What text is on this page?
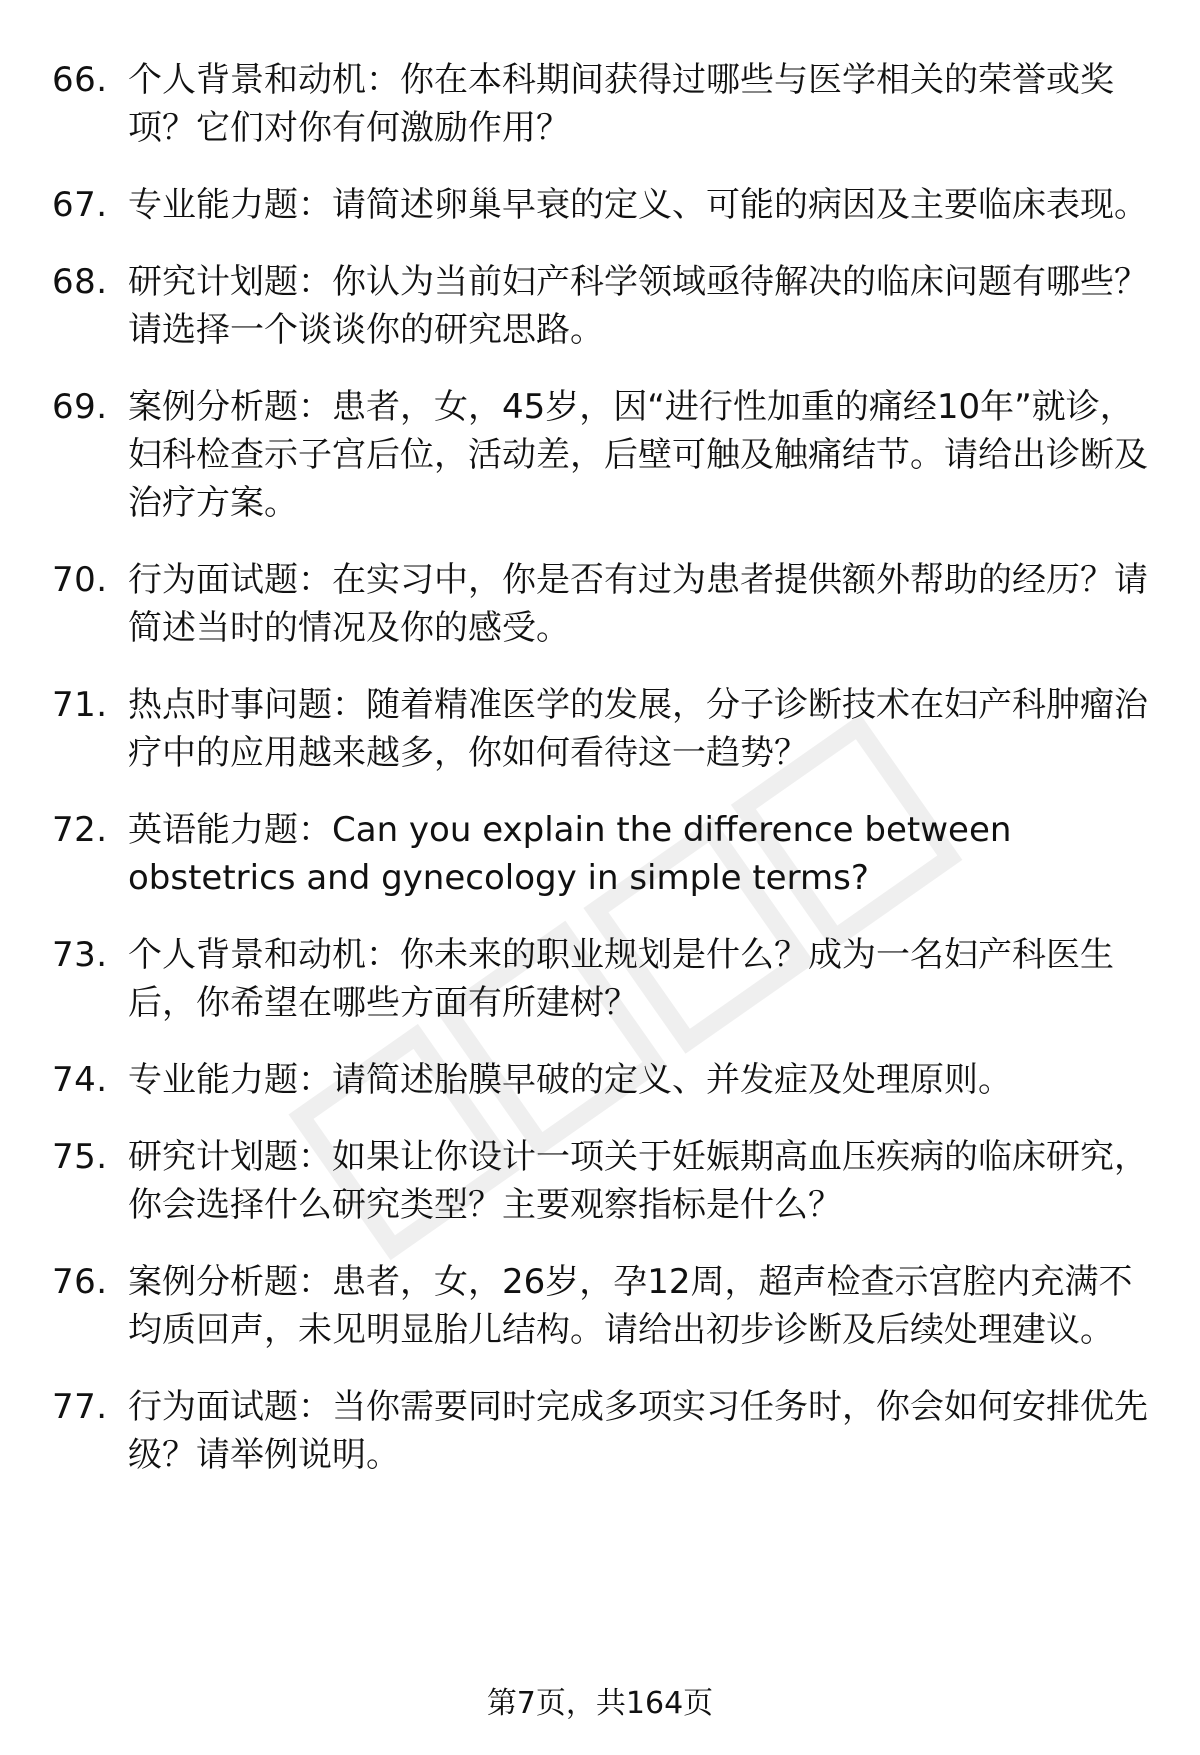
66. 个人背景和动机：你在本科期间获得过哪些与医学相关的荣誉或奖项？它们对你有何激励作用？
67. 专业能力题：请简述卵巢早衰的定义、可能的病因及主要临床表现。
68. 研究计划题：你认为当前妇产科学领域亟待解决的临床问题有哪些？请选择一个谈谈你的研究思路。
69. 案例分析题：患者，女，45岁，因“进行性加重的痛经10年”就诊，妇科检查示子宫后位，活动差，后壁可触及触痛结节。请给出诊断及治疗方案。
70. 行为面试题：在实习中，你是否有过为患者提供额外帮助的经历？请简述当时的情况及你的感受。
71. 热点时事问题：随着精准医学的发展，分子诊断技术在妇产科肿瘤治疗中的应用越来越多，你如何看待这一趋势？
72. 英语能力题：Can you explain the difference between obstetrics and gynecology in simple terms?
73. 个人背景和动机：你未来的职业规划是什么？成为一名妇产科医生后，你希望在哪些方面有所建树？
74. 专业能力题：请简述胎膜早破的定义、并发症及处理原则。
75. 研究计划题：如果让你设计一项关于妊娠期高血压疾病的临床研究，你会选择什么研究类型？主要观察指标是什么？
76. 案例分析题：患者，女，26岁，孕12周，超声检查示宫腔内充满不均质回声，未见明显胎儿结构。请给出初步诊断及后续处理建议。
77. 行为面试题：当你需要同时完成多项实习任务时，你会如何安排优先级？请举例说明。
第7页，共164页
